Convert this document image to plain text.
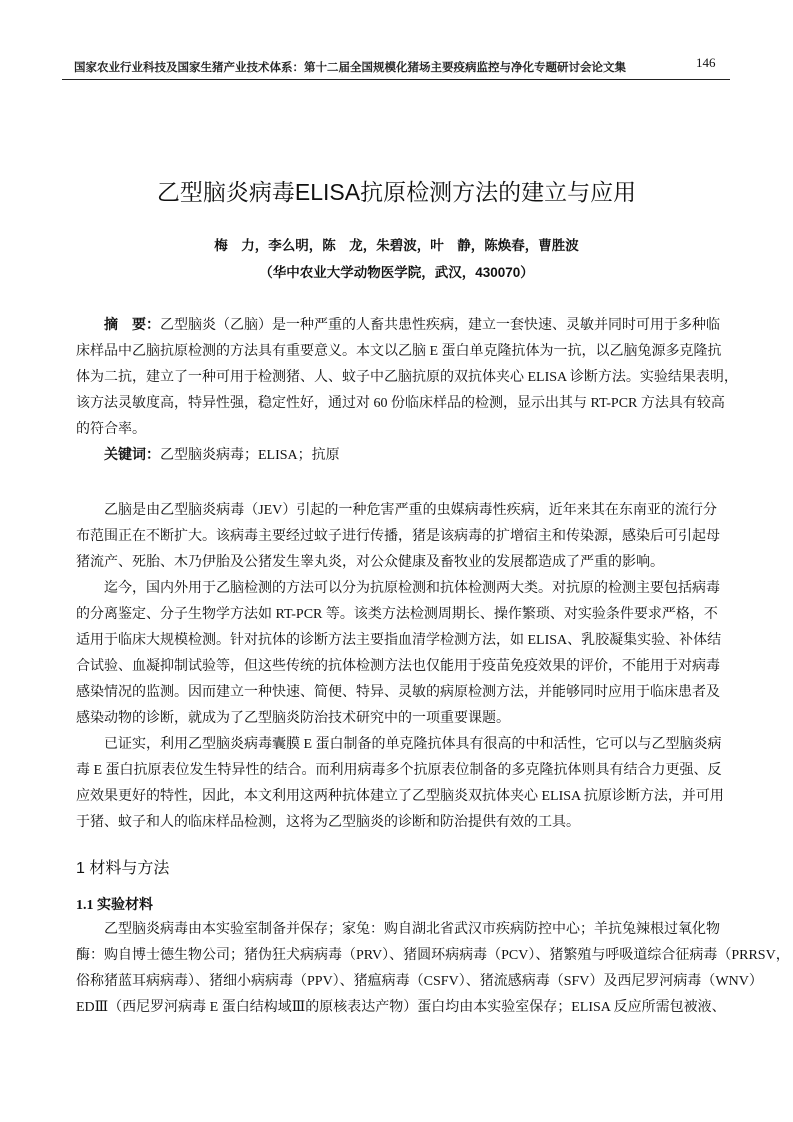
国家农业行业科技及国家生猪产业技术体系：第十二届全国规模化猪场主要疫病监控与净化专题研讨会论文集	146
乙型脑炎病毒ELISA抗原检测方法的建立与应用
梅　力，李么明，陈　龙，朱碧波，叶　静，陈焕春，曹胜波
（华中农业大学动物医学院，武汉，430070）
摘　要：乙型脑炎（乙脑）是一种严重的人畜共患性疾病，建立一套快速、灵敏并同时可用于多种临
床样品中乙脑抗原检测的方法具有重要意义。本文以乙脑 E 蛋白单克隆抗体为一抗，以乙脑兔源多克隆抗
体为二抗，建立了一种可用于检测猪、人、蚊子中乙脑抗原的双抗体夹心 ELISA 诊断方法。实验结果表明，
该方法灵敏度高，特异性强，稳定性好，通过对 60 份临床样品的检测，显示出其与 RT-PCR 方法具有较高
的符合率。
关键词：乙型脑炎病毒；ELISA；抗原
乙脑是由乙型脑炎病毒（JEV）引起的一种危害严重的虫媒病毒性疾病，近年来其在东南亚的流行分
布范围正在不断扩大。该病毒主要经过蚊子进行传播，猪是该病毒的扩增宿主和传染源，感染后可引起母
猪流产、死胎、木乃伊胎及公猪发生睾丸炎，对公众健康及畜牧业的发展都造成了严重的影响。
迄今，国内外用于乙脑检测的方法可以分为抗原检测和抗体检测两大类。对抗原的检测主要包括病毒
的分离鉴定、分子生物学方法如 RT-PCR 等。该类方法检测周期长、操作繁琐、对实验条件要求严格，不
适用于临床大规模检测。针对抗体的诊断方法主要指血清学检测方法，如 ELISA、乳胶凝集实验、补体结
合试验、血凝抑制试验等，但这些传统的抗体检测方法也仅能用于疫苗免疫效果的评价，不能用于对病毒
感染情况的监测。因而建立一种快速、简便、特异、灵敏的病原检测方法，并能够同时应用于临床患者及
感染动物的诊断，就成为了乙型脑炎防治技术研究中的一项重要课题。
已证实，利用乙型脑炎病毒囊膜 E 蛋白制备的单克隆抗体具有很高的中和活性，它可以与乙型脑炎病
毒 E 蛋白抗原表位发生特异性的结合。而利用病毒多个抗原表位制备的多克隆抗体则具有结合力更强、反
应效果更好的特性，因此，本文利用这两种抗体建立了乙型脑炎双抗体夹心 ELISA 抗原诊断方法，并可用
于猪、蚊子和人的临床样品检测，这将为乙型脑炎的诊断和防治提供有效的工具。
1 材料与方法
1.1 实验材料
乙型脑炎病毒由本实验室制备并保存；家兔：购自湖北省武汉市疾病防控中心；羊抗兔辣根过氧化物
酶：购自博士德生物公司；猪伪狂犬病病毒（PRV）、猪圆环病病毒（PCV）、猪繁殖与呼吸道综合征病毒（PRRSV，
俗称猪蓝耳病病毒）、猪细小病病毒（PPV）、猪瘟病毒（CSFV）、猪流感病毒（SFV）及西尼罗河病毒（WNV）
EDⅢ（西尼罗河病毒 E 蛋白结构域Ⅲ的原核表达产物）蛋白均由本实验室保存；ELISA 反应所需包被液、
